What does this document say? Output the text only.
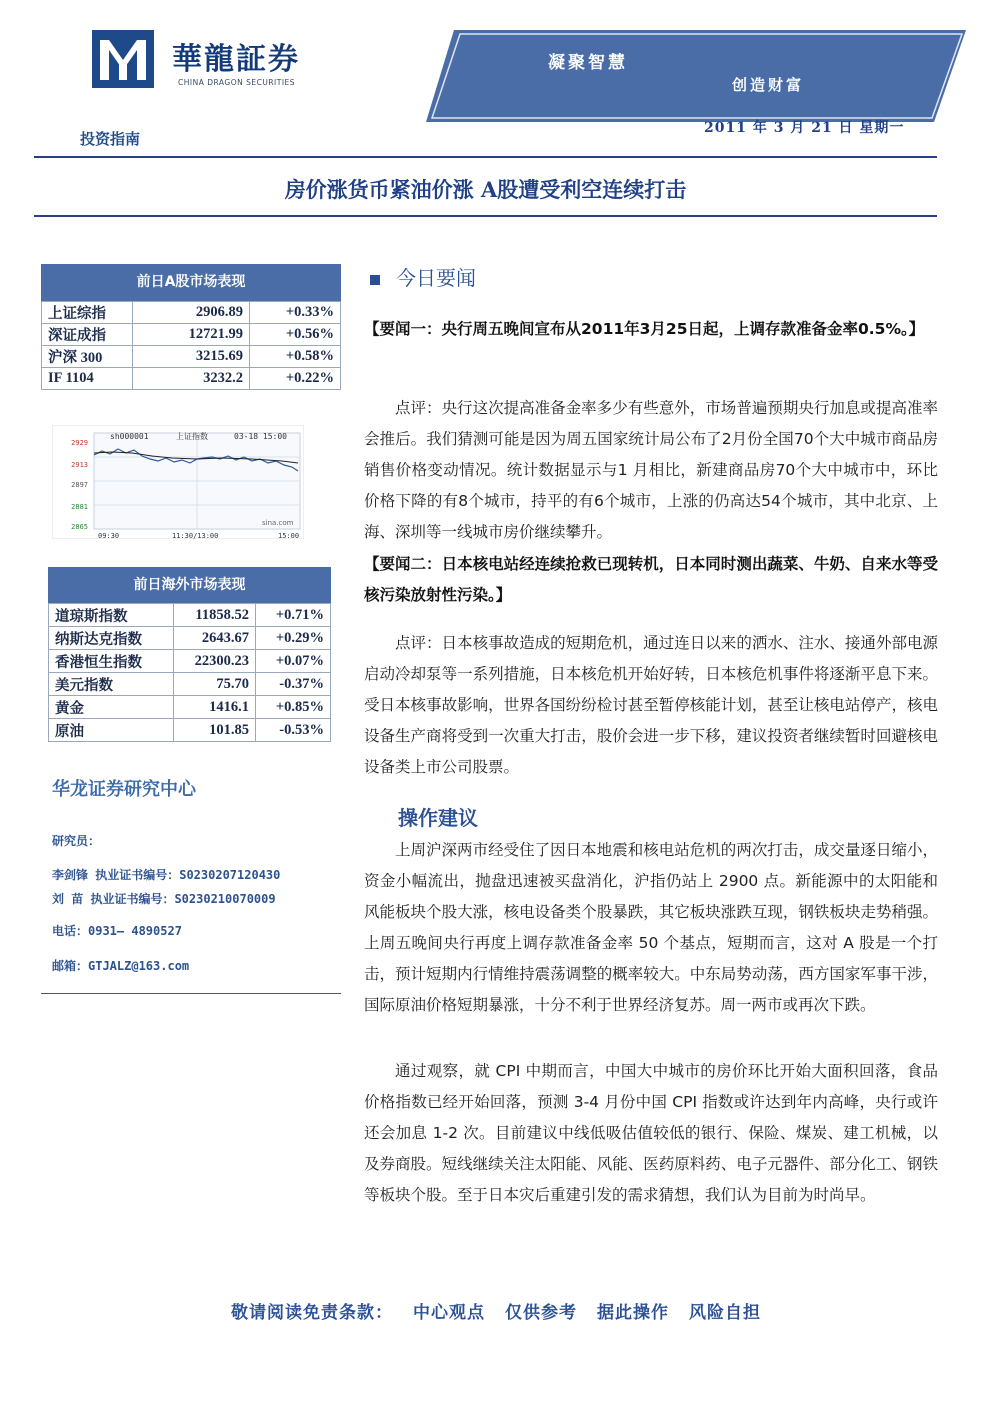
華龍証券
CHINA DRAGON SECURITIES
凝聚智慧
创造财富
投资指南
2011 年 3 月 21 日 星期一
房价涨货币紧油价涨 A股遭受利空连续打击
前日A股市场表现
上证综指	2906.89	+0.33%
深证成指	12721.99	+0.56%
沪深 300	3215.69	+0.58%
IF 1104	3232.2	+0.22%
sh000001	上证指数	03-18 15:00
2929
2913
2897
2881
2865	sina.com
09:30	11:30/13:00	15:00
前日海外市场表现
道琼斯指数	11858.52	+0.71%
纳斯达克指数	2643.67	+0.29%
香港恒生指数	22300.23	+0.07%
美元指数	75.70	-0.37%
黄金	1416.1	+0.85%
原油	101.85	-0.53%
华龙证券研究中心
研究员：
李剑锋 执业证书编号：S0230207120430
刘 苗 执业证书编号：S0230210070009
电话：0931— 4890527
邮箱：GTJALZ@163.com
今日要闻
【要闻一：央行周五晚间宣布从2011年3月25日起，上调存款准备金率0.5%。】
点评：央行这次提高准备金率多少有些意外，市场普遍预期央行加息或提高准率会推后。我们猜测可能是因为周五国家统计局公布了2月份全国70个大中城市商品房销售价格变动情况。统计数据显示与1 月相比，新建商品房70个大中城市中，环比价格下降的有8个城市，持平的有6个城市，上涨的仍高达54个城市，其中北京、上海、深圳等一线城市房价继续攀升。
【要闻二：日本核电站经连续抢救已现转机，日本同时测出蔬菜、牛奶、自来水等受核污染放射性污染。】
点评：日本核事故造成的短期危机，通过连日以来的洒水、注水、接通外部电源启动冷却泵等一系列措施，日本核危机开始好转，日本核危机事件将逐渐平息下来。受日本核事故影响，世界各国纷纷检讨甚至暂停核能计划，甚至让核电站停产，核电设备生产商将受到一次重大打击，股价会进一步下移，建议投资者继续暂时回避核电设备类上市公司股票。
操作建议
上周沪深两市经受住了因日本地震和核电站危机的两次打击，成交量逐日缩小，资金小幅流出，抛盘迅速被买盘消化，沪指仍站上 2900 点。新能源中的太阳能和风能板块个股大涨，核电设备类个股暴跌，其它板块涨跌互现，钢铁板块走势稍强。上周五晚间央行再度上调存款准备金率 50 个基点，短期而言，这对 A 股是一个打击，预计短期内行情维持震荡调整的概率较大。中东局势动荡，西方国家军事干涉，国际原油价格短期暴涨，十分不利于世界经济复苏。周一两市或再次下跌。
通过观察，就 CPI 中期而言，中国大中城市的房价环比开始大面积回落，食品价格指数已经开始回落，预测 3-4 月份中国 CPI 指数或许达到年内高峰，央行或许还会加息 1-2 次。目前建议中线低吸估值较低的银行、保险、煤炭、建工机械，以及券商股。短线继续关注太阳能、风能、医药原料药、电子元器件、部分化工、钢铁等板块个股。至于日本灾后重建引发的需求猜想，我们认为目前为时尚早。
敬请阅读免责条款： 中心观点 仅供参考 据此操作 风险自担
